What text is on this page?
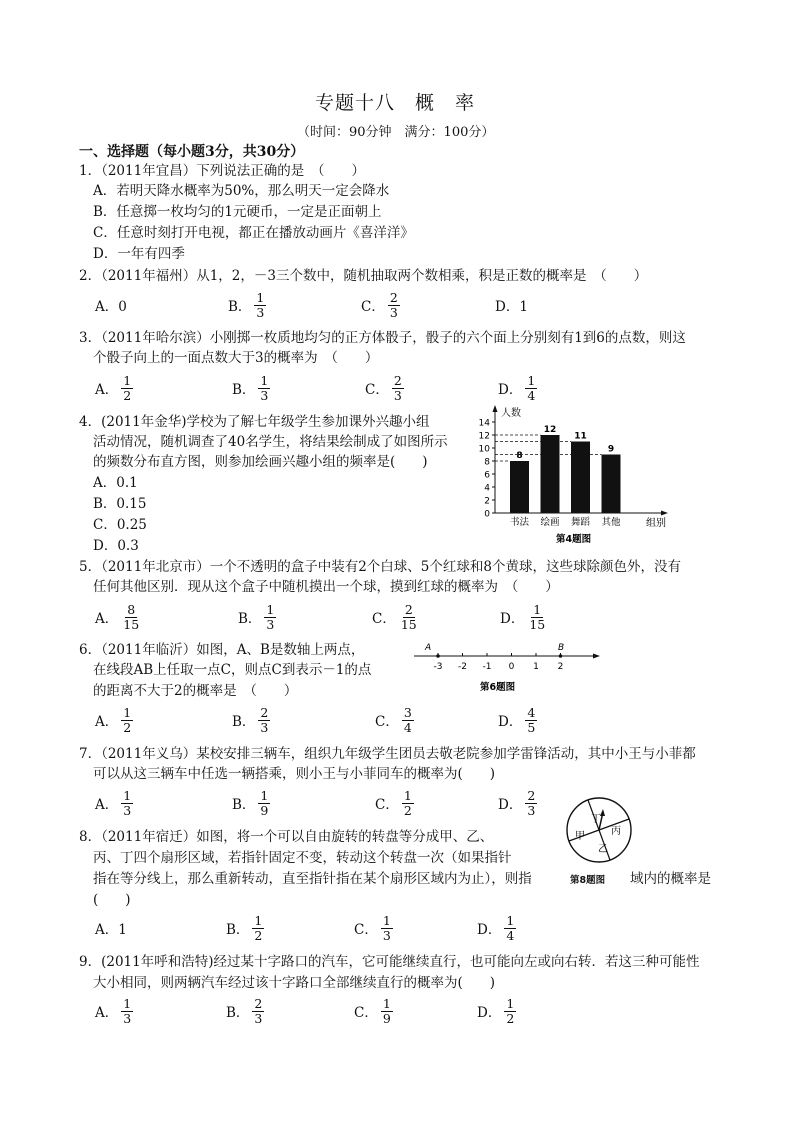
专题十八　概　率
（时间：90分钟　满分：100分）
一、选择题（每小题3分，共30分）
1．（2011年宜昌）下列说法正确的是　（　　）
A．若明天降水概率为50%，那么明天一定会降水
B．任意掷一枚均匀的1元硬币，一定是正面朝上
C．任意时刻打开电视，都正在播放动画片《喜洋洋》
D．一年有四季
2．（2011年福州）从1，2，－3三个数中，随机抽取两个数相乘，积是正数的概率是　（　　）
A．0	B． $\frac{1}{3}$	C． $\frac{2}{3}$	D．1
3．（2011年哈尔滨）小刚掷一枚质地均匀的正方体骰子，骰子的六个面上分别刻有1到6的点数，则这
个骰子向上的一面点数大于3的概率为　（　　）
A． $\frac{1}{2}$	B． $\frac{1}{3}$	C． $\frac{2}{3}$	D． $\frac{1}{4}$
4．(2011年金华)学校为了解七年级学生参加课外兴趣小组
活动情况，随机调查了40名学生，将结果绘制成了如图所示
的频数分布直方图，则参加绘画兴趣小组的频率是(　　)
A．0.1
B．0.15
C．0.25
D．0.3
0
2
4
6
8
10
12
14
8
书法
12
绘画
11
舞蹈
9
其他
人数
组别
第4题图
5．（2011年北京市）一个不透明的盒子中装有2个白球、5个红球和8个黄球，这些球除颜色外，没有
任何其他区别．现从这个盒子中随机摸出一个球，摸到红球的概率为　（　　）
A． $\frac{8}{15}$	B． $\frac{1}{3}$	C． $\frac{2}{15}$	D． $\frac{1}{15}$
6．（2011年临沂）如图，A、B是数轴上两点，
在线段AB上任取一点C，则点C到表示－1的点
的距离不大于2的概率是　（　　）
A． $\frac{1}{2}$	B． $\frac{2}{3}$	C． $\frac{3}{4}$	D． $\frac{4}{5}$
-3 -2 -1 0 1 2
A	B
第6题图
7．（2011年义乌）某校安排三辆车，组织九年级学生团员去敬老院参加学雷锋活动，其中小王与小菲都
可以从这三辆车中任选一辆搭乘，则小王与小菲同车的概率为(　　)
A． $\frac{1}{3}$	B． $\frac{1}{9}$	C． $\frac{1}{2}$	D． $\frac{2}{3}$
丁
丙
乙
甲
8．（2011年宿迁）如图，将一个可以自由旋转的转盘等分成甲、乙、
丙、丁四个扇形区域，若指针固定不变，转动这个转盘一次（如果指针
指在等分线上，那么重新转动，直至指针指在某个扇形区域内为止），则指	第8题图 域内的概率是
(　　)
A．1	B． $\frac{1}{2}$	C． $\frac{1}{3}$	D． $\frac{1}{4}$
9．(2011年呼和浩特)经过某十字路口的汽车，它可能继续直行，也可能向左或向右转．若这三种可能性
大小相同，则两辆汽车经过该十字路口全部继续直行的概率为(　　)
A． $\frac{1}{3}$	B． $\frac{2}{3}$	C． $\frac{1}{9}$	D． $\frac{1}{2}$
